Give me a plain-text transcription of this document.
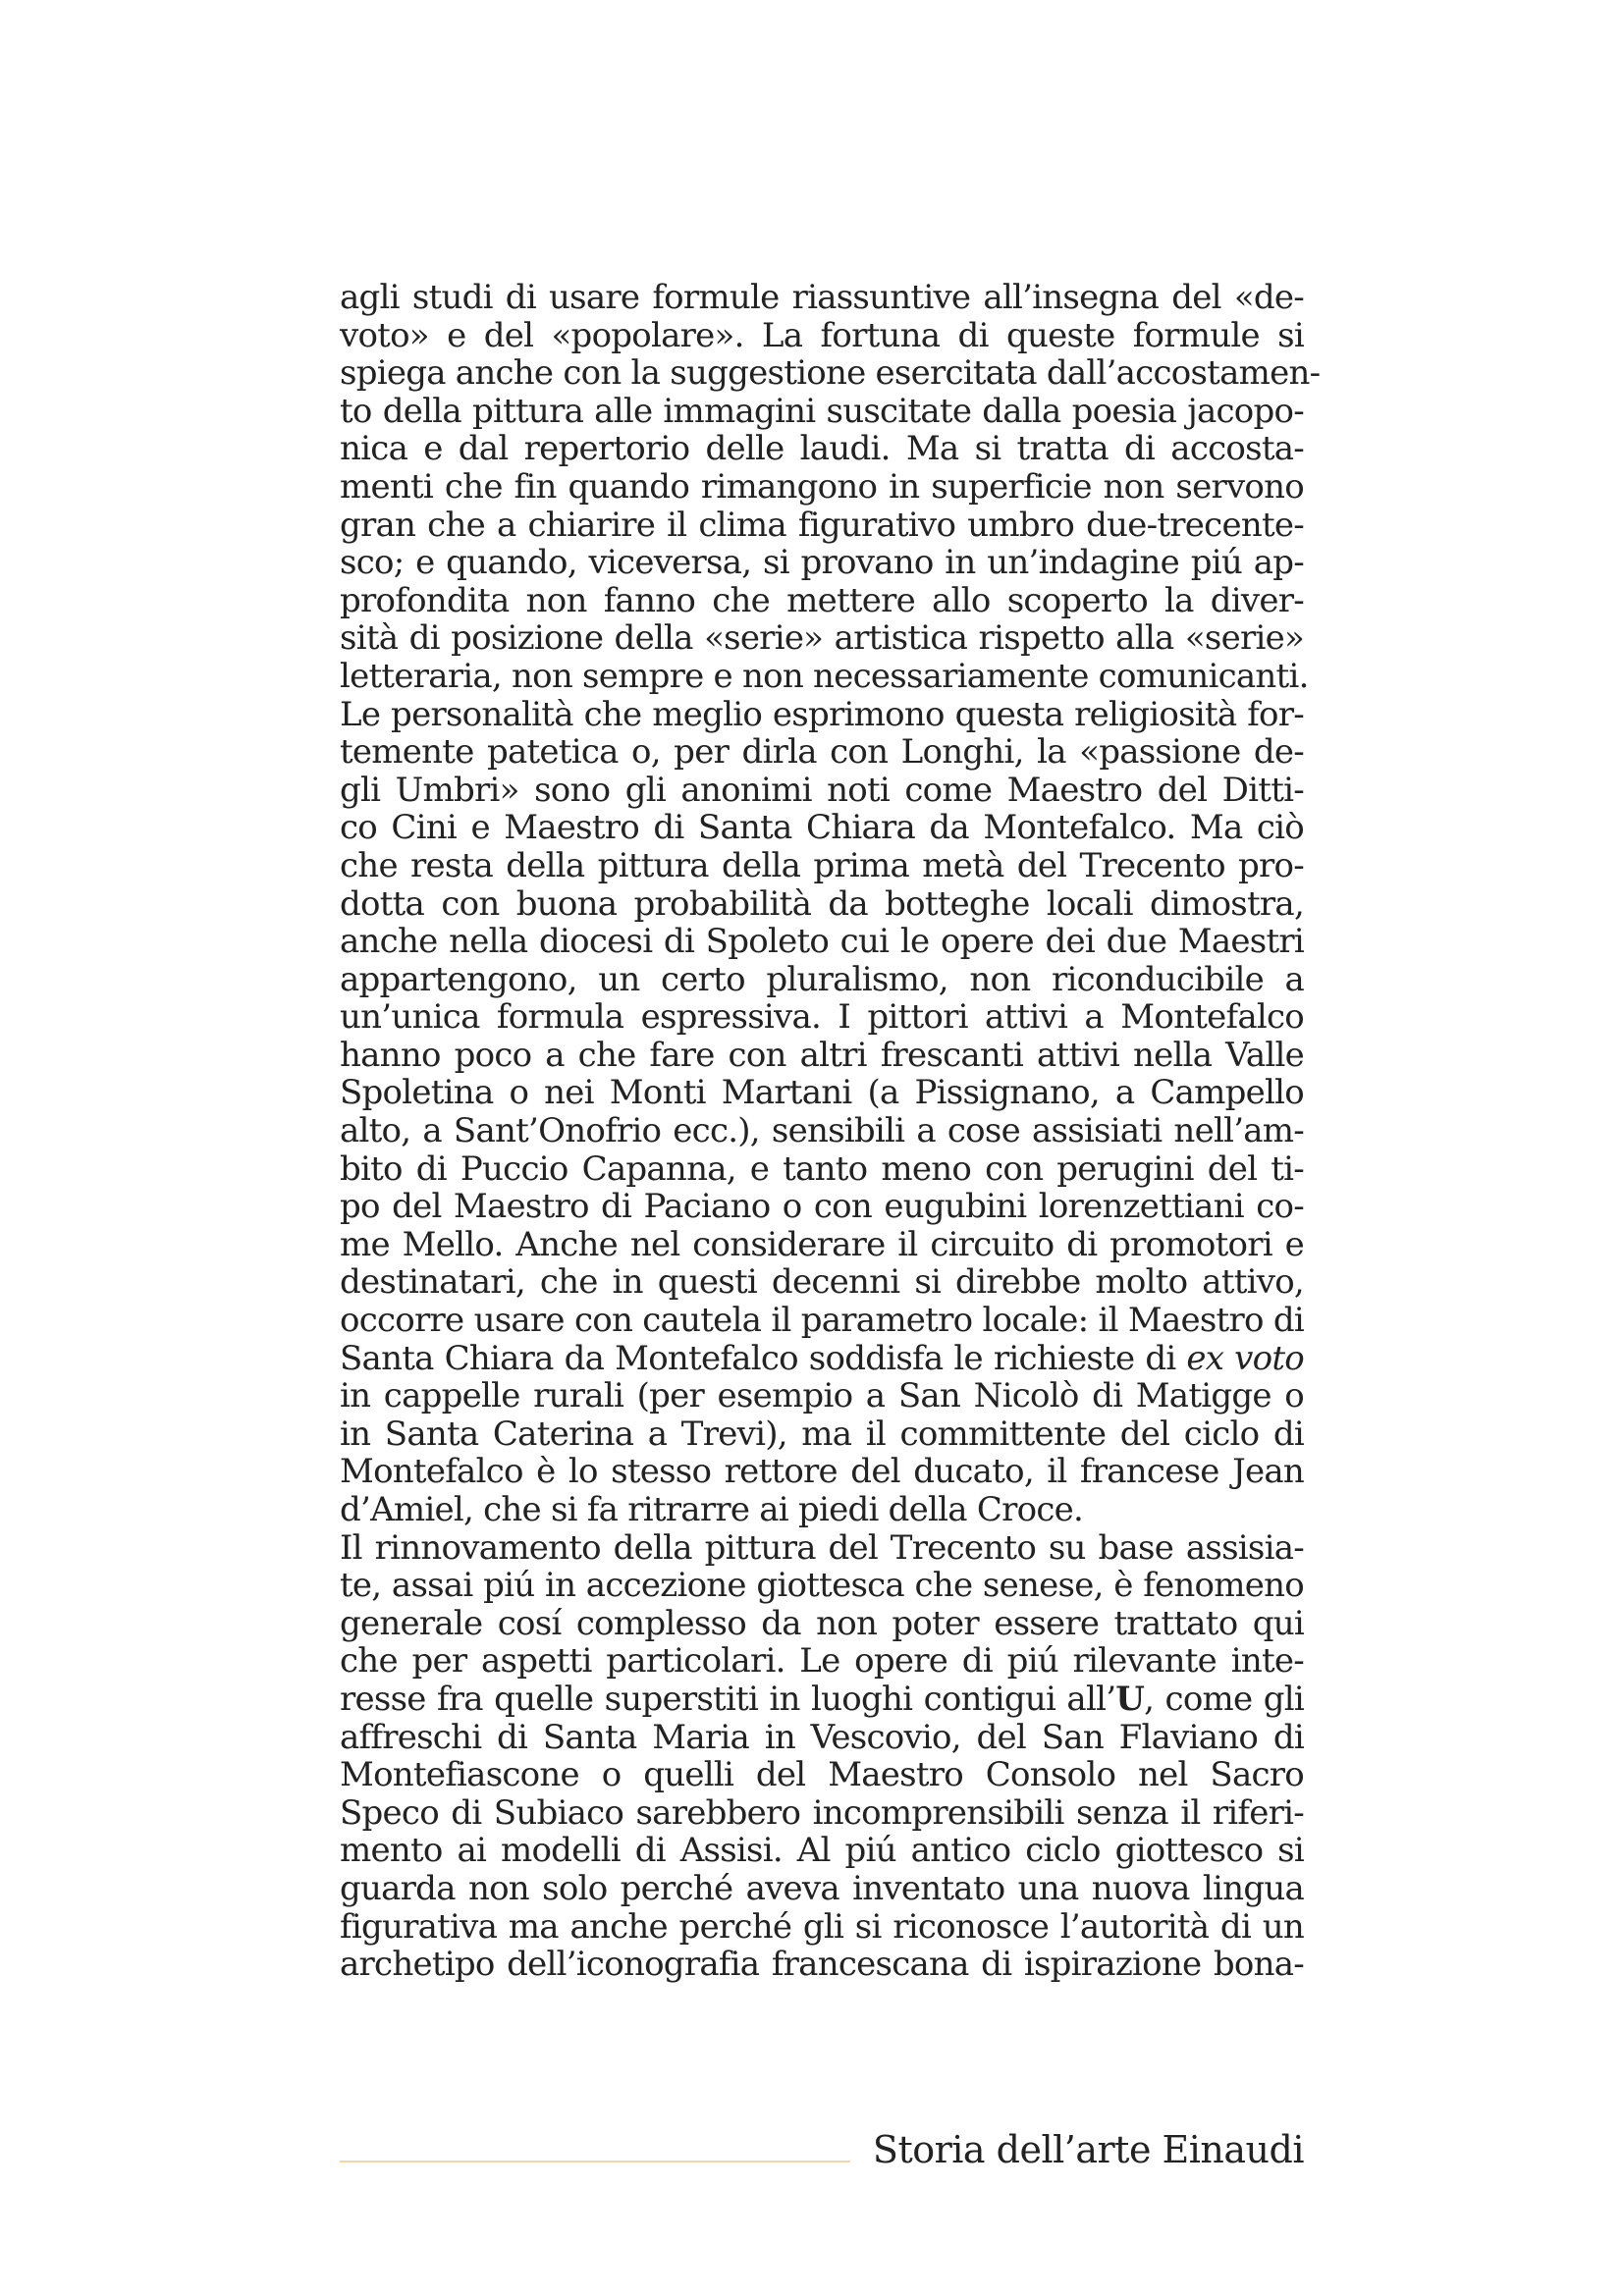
agli studi di usare formule riassuntive all’insegna del «de-
voto» e del «popolare». La fortuna di queste formule si
spiega anche con la suggestione esercitata dall’accostamen-
to della pittura alle immagini suscitate dalla poesia jacopo-
nica e dal repertorio delle laudi. Ma si tratta di accosta-
menti che fin quando rimangono in superficie non servono
gran che a chiarire il clima figurativo umbro due-trecente-
sco; e quando, viceversa, si provano in un’indagine piú ap-
profondita non fanno che mettere allo scoperto la diver-
sità di posizione della «serie» artistica rispetto alla «serie»
letteraria, non sempre e non necessariamente comunicanti.
Le personalità che meglio esprimono questa religiosità for-
temente patetica o, per dirla con Longhi, la «passione de-
gli Umbri» sono gli anonimi noti come Maestro del Ditti-
co Cini e Maestro di Santa Chiara da Montefalco. Ma ciò
che resta della pittura della prima metà del Trecento pro-
dotta con buona probabilità da botteghe locali dimostra,
anche nella diocesi di Spoleto cui le opere dei due Maestri
appartengono, un certo pluralismo, non riconducibile a
un’unica formula espressiva. I pittori attivi a Montefalco
hanno poco a che fare con altri frescanti attivi nella Valle
Spoletina o nei Monti Martani (a Pissignano, a Campello
alto, a Sant’Onofrio ecc.), sensibili a cose assisiati nell’am-
bito di Puccio Capanna, e tanto meno con perugini del ti-
po del Maestro di Paciano o con eugubini lorenzettiani co-
me Mello. Anche nel considerare il circuito di promotori e
destinatari, che in questi decenni si direbbe molto attivo,
occorre usare con cautela il parametro locale: il Maestro di
Santa Chiara da Montefalco soddisfa le richieste di ex voto
in cappelle rurali (per esempio a San Nicolò di Matigge o
in Santa Caterina a Trevi), ma il committente del ciclo di
Montefalco è lo stesso rettore del ducato, il francese Jean
d’Amiel, che si fa ritrarre ai piedi della Croce.
Il rinnovamento della pittura del Trecento su base assisia-
te, assai piú in accezione giottesca che senese, è fenomeno
generale cosí complesso da non poter essere trattato qui
che per aspetti particolari. Le opere di piú rilevante inte-
resse fra quelle superstiti in luoghi contigui all’U, come gli
affreschi di Santa Maria in Vescovio, del San Flaviano di
Montefiascone o quelli del Maestro Consolo nel Sacro
Speco di Subiaco sarebbero incomprensibili senza il riferi-
mento ai modelli di Assisi. Al piú antico ciclo giottesco si
guarda non solo perché aveva inventato una nuova lingua
figurativa ma anche perché gli si riconosce l’autorità di un
archetipo dell’iconografia francescana di ispirazione bona-
Storia dell’arte Einaudi
